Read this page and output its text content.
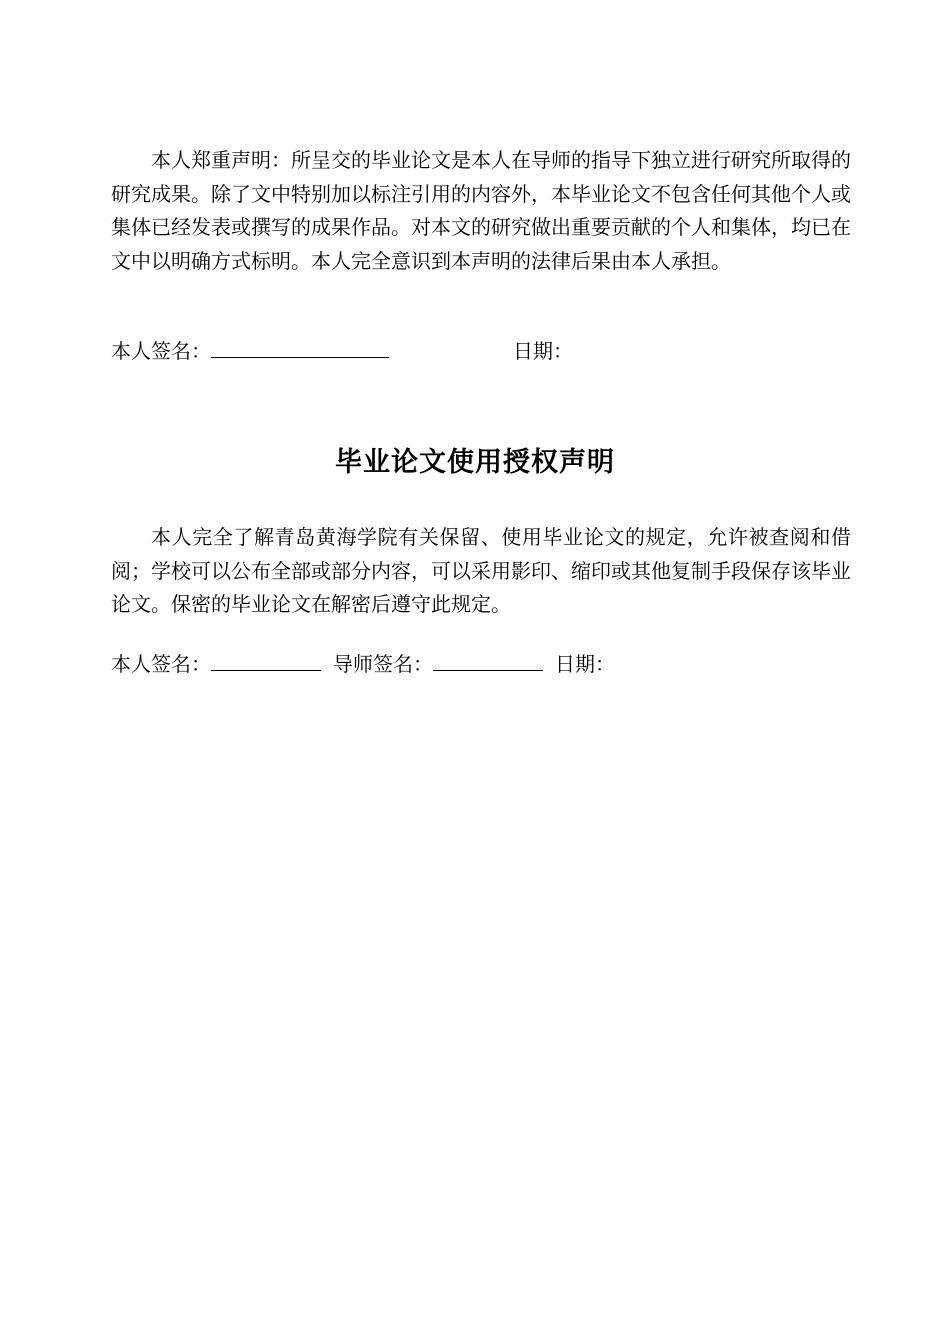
本人郑重声明：所呈交的毕业论文是本人在导师的指导下独立进行研究所取得的研究成果。除了文中特别加以标注引用的内容外，本毕业论文不包含任何其他个人或集体已经发表或撰写的成果作品。对本文的研究做出重要贡献的个人和集体，均已在文中以明确方式标明。本人完全意识到本声明的法律后果由本人承担。

本人签名：	日期：
毕业论文使用授权声明

本人完全了解青岛黄海学院有关保留、使用毕业论文的规定，允许被查阅和借阅；学校可以公布全部或部分内容，可以采用影印、缩印或其他复制手段保存该毕业论文。保密的毕业论文在解密后遵守此规定。

本人签名：	导师签名：	日期：
